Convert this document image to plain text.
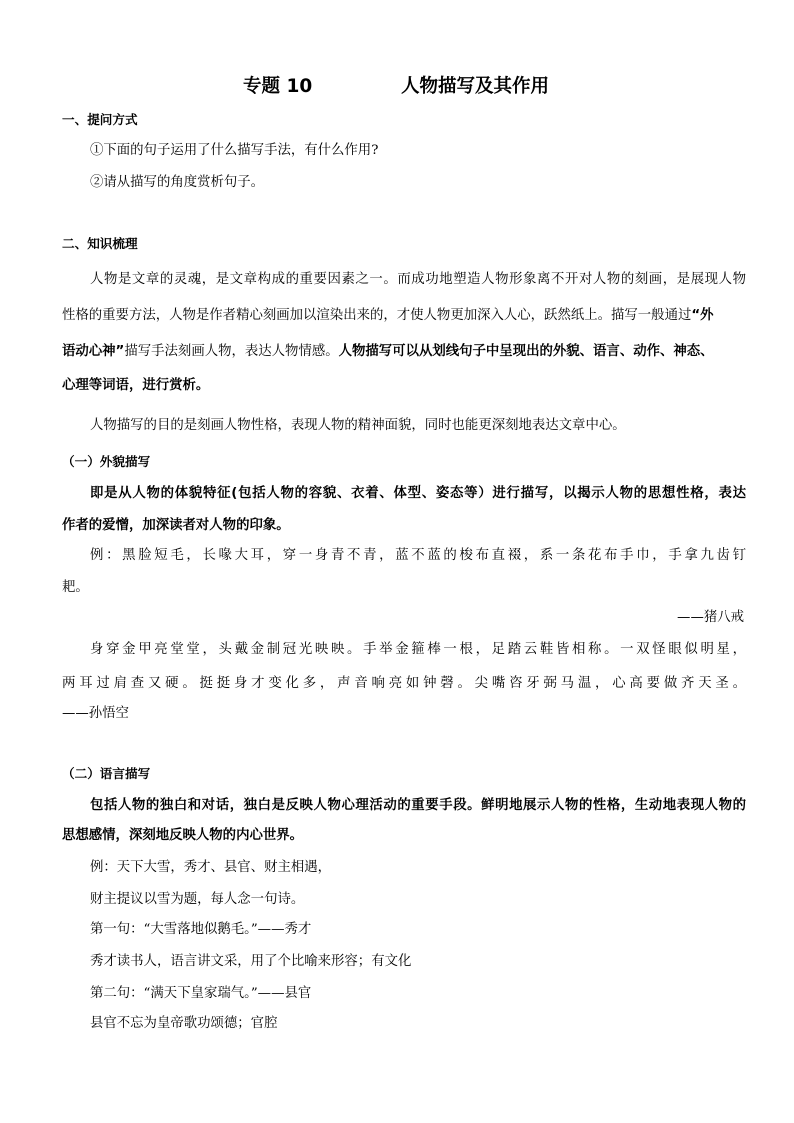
专题 10	人物描写及其作用
一、提问方式
①下面的句子运用了什么描写手法，有什么作用?
②请从描写的角度赏析句子。
二、知识梳理
人物是文章的灵魂，是文章构成的重要因素之一。而成功地塑造人物形象离不开对人物的刻画，是展现人物
性格的重要方法，人物是作者精心刻画加以渲染出来的，才使人物更加深入人心，跃然纸上。描写一般通过“外
语动心神”描写手法刻画人物，表达人物情感。人物描写可以从划线句子中呈现出的外貌、语言、动作、神态、
心理等词语，进行赏析。
人物描写的目的是刻画人物性格，表现人物的精神面貌，同时也能更深刻地表达文章中心。
（一）外貌描写
即是从人物的体貌特征(包括人物的容貌、衣着、体型、姿态等）进行描写，以揭示人物的思想性格，表达
作者的爱憎，加深读者对人物的印象。
例：黑脸短毛，长喙大耳，穿一身青不青，蓝不蓝的梭布直裰，系一条花布手巾，手拿九齿钉
耙。
——猪八戒
身穿金甲亮堂堂，头戴金制冠光映映。手举金箍棒一根，足踏云鞋皆相称。一双怪眼似明星，
两耳过肩查又硬。挺挺身才变化多，声音响亮如钟磬。尖嘴咨牙弼马温，心高要做齐天圣。
——孙悟空
（二）语言描写
包括人物的独白和对话，独白是反映人物心理活动的重要手段。鲜明地展示人物的性格，生动地表现人物的
思想感情，深刻地反映人物的内心世界。
例：天下大雪，秀才、县官、财主相遇，
财主提议以雪为题，每人念一句诗。
第一句：“大雪落地似鹅毛。”——秀才
秀才读书人，语言讲文采，用了个比喻来形容；有文化
第二句：“满天下皇家瑞气。”——县官
县官不忘为皇帝歌功颂德；官腔
